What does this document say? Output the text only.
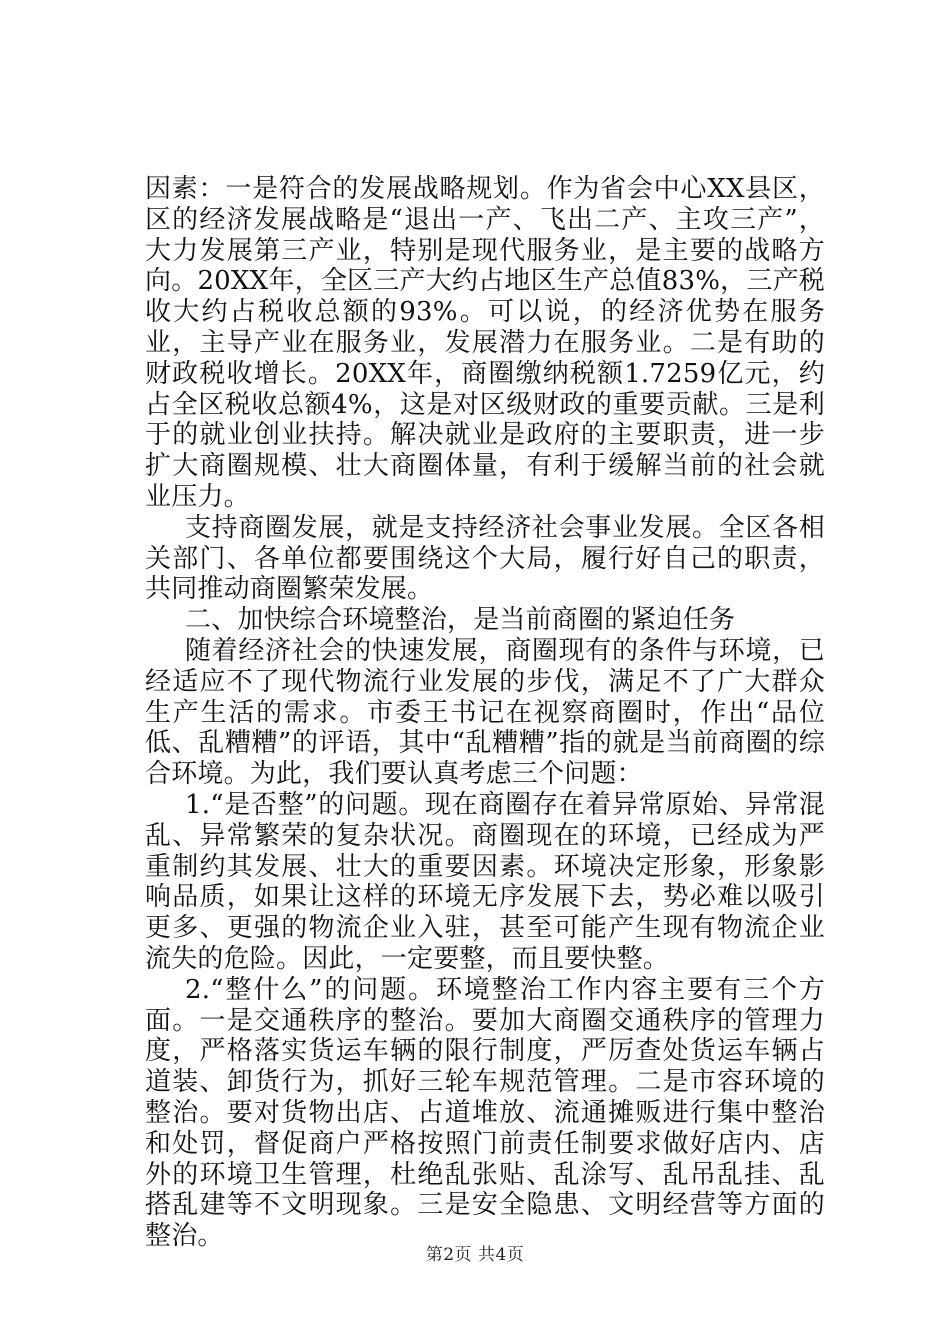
因素：一是符合的发展战略规划。作为省会中心XX县区，区的经济发展战略是“退出一产、飞出二产、主攻三产”，大力发展第三产业，特别是现代服务业，是主要的战略方向。20XX年，全区三产大约占地区生产总值83%，三产税收大约占税收总额的93%。可以说，的经济优势在服务业，主导产业在服务业，发展潜力在服务业。二是有助的财政税收增长。20XX年，商圈缴纳税额1.7259亿元，约占全区税收总额4%，这是对区级财政的重要贡献。三是利于的就业创业扶持。解决就业是政府的主要职责，进一步扩大商圈规模、壮大商圈体量，有利于缓解当前的社会就业压力。

支持商圈发展，就是支持经济社会事业发展。全区各相关部门、各单位都要围绕这个大局，履行好自己的职责，共同推动商圈繁荣发展。

二、加快综合环境整治，是当前商圈的紧迫任务

随着经济社会的快速发展，商圈现有的条件与环境，已经适应不了现代物流行业发展的步伐，满足不了广大群众生产生活的需求。市委王书记在视察商圈时，作出“品位低、乱糟糟”的评语，其中“乱糟糟”指的就是当前商圈的综合环境。为此，我们要认真考虑三个问题：

1.“是否整”的问题。现在商圈存在着异常原始、异常混乱、异常繁荣的复杂状况。商圈现在的环境，已经成为严重制约其发展、壮大的重要因素。环境决定形象，形象影响品质，如果让这样的环境无序发展下去，势必难以吸引更多、更强的物流企业入驻，甚至可能产生现有物流企业流失的危险。因此，一定要整，而且要快整。

2.“整什么”的问题。环境整治工作内容主要有三个方面。一是交通秩序的整治。要加大商圈交通秩序的管理力度，严格落实货运车辆的限行制度，严厉查处货运车辆占道装、卸货行为，抓好三轮车规范管理。二是市容环境的整治。要对货物出店、占道堆放、流通摊贩进行集中整治和处罚，督促商户严格按照门前责任制要求做好店内、店外的环境卫生管理，杜绝乱张贴、乱涂写、乱吊乱挂、乱搭乱建等不文明现象。三是安全隐患、文明经营等方面的整治。

第2页 共4页
